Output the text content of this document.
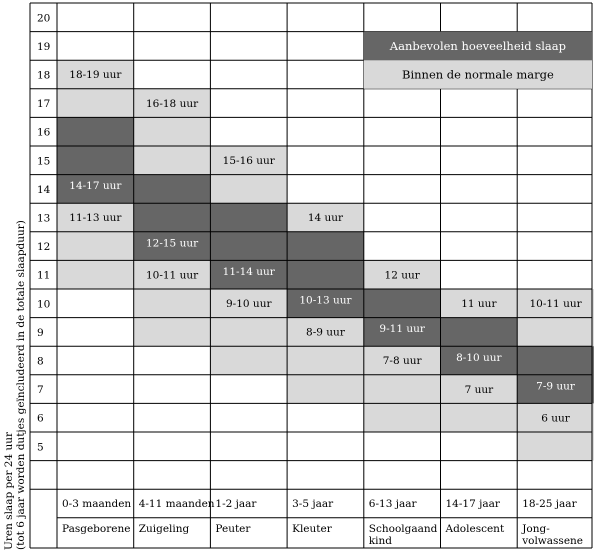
18-19 uur
14-17 uur
11-13 uur
16-18 uur
12-15 uur
10-11 uur
15-16 uur
11-14 uur
9-10 uur
14 uur
10-13 uur
8-9 uur
12 uur
9-11 uur
7-8 uur
11 uur
8-10 uur
7 uur
10-11 uur
7-9 uur
6 uur
20
19
18
17
16
15
14
13
12
11
10
9
8
7
6
5
0-3 maanden
Pasgeborene
4-11 maanden
Zuigeling
1-2 jaar
Peuter
3-5 jaar
Kleuter
6-13 jaar
Schoolgaand
kind
14-17 jaar
Adolescent
18-25 jaar
Jong-
volwassene
Aanbevolen hoeveelheid slaap
Binnen de normale marge
Uren slaap per 24 uur (tot 6 jaar worden dutjes geïncludeerd in de totale slaapduur)
